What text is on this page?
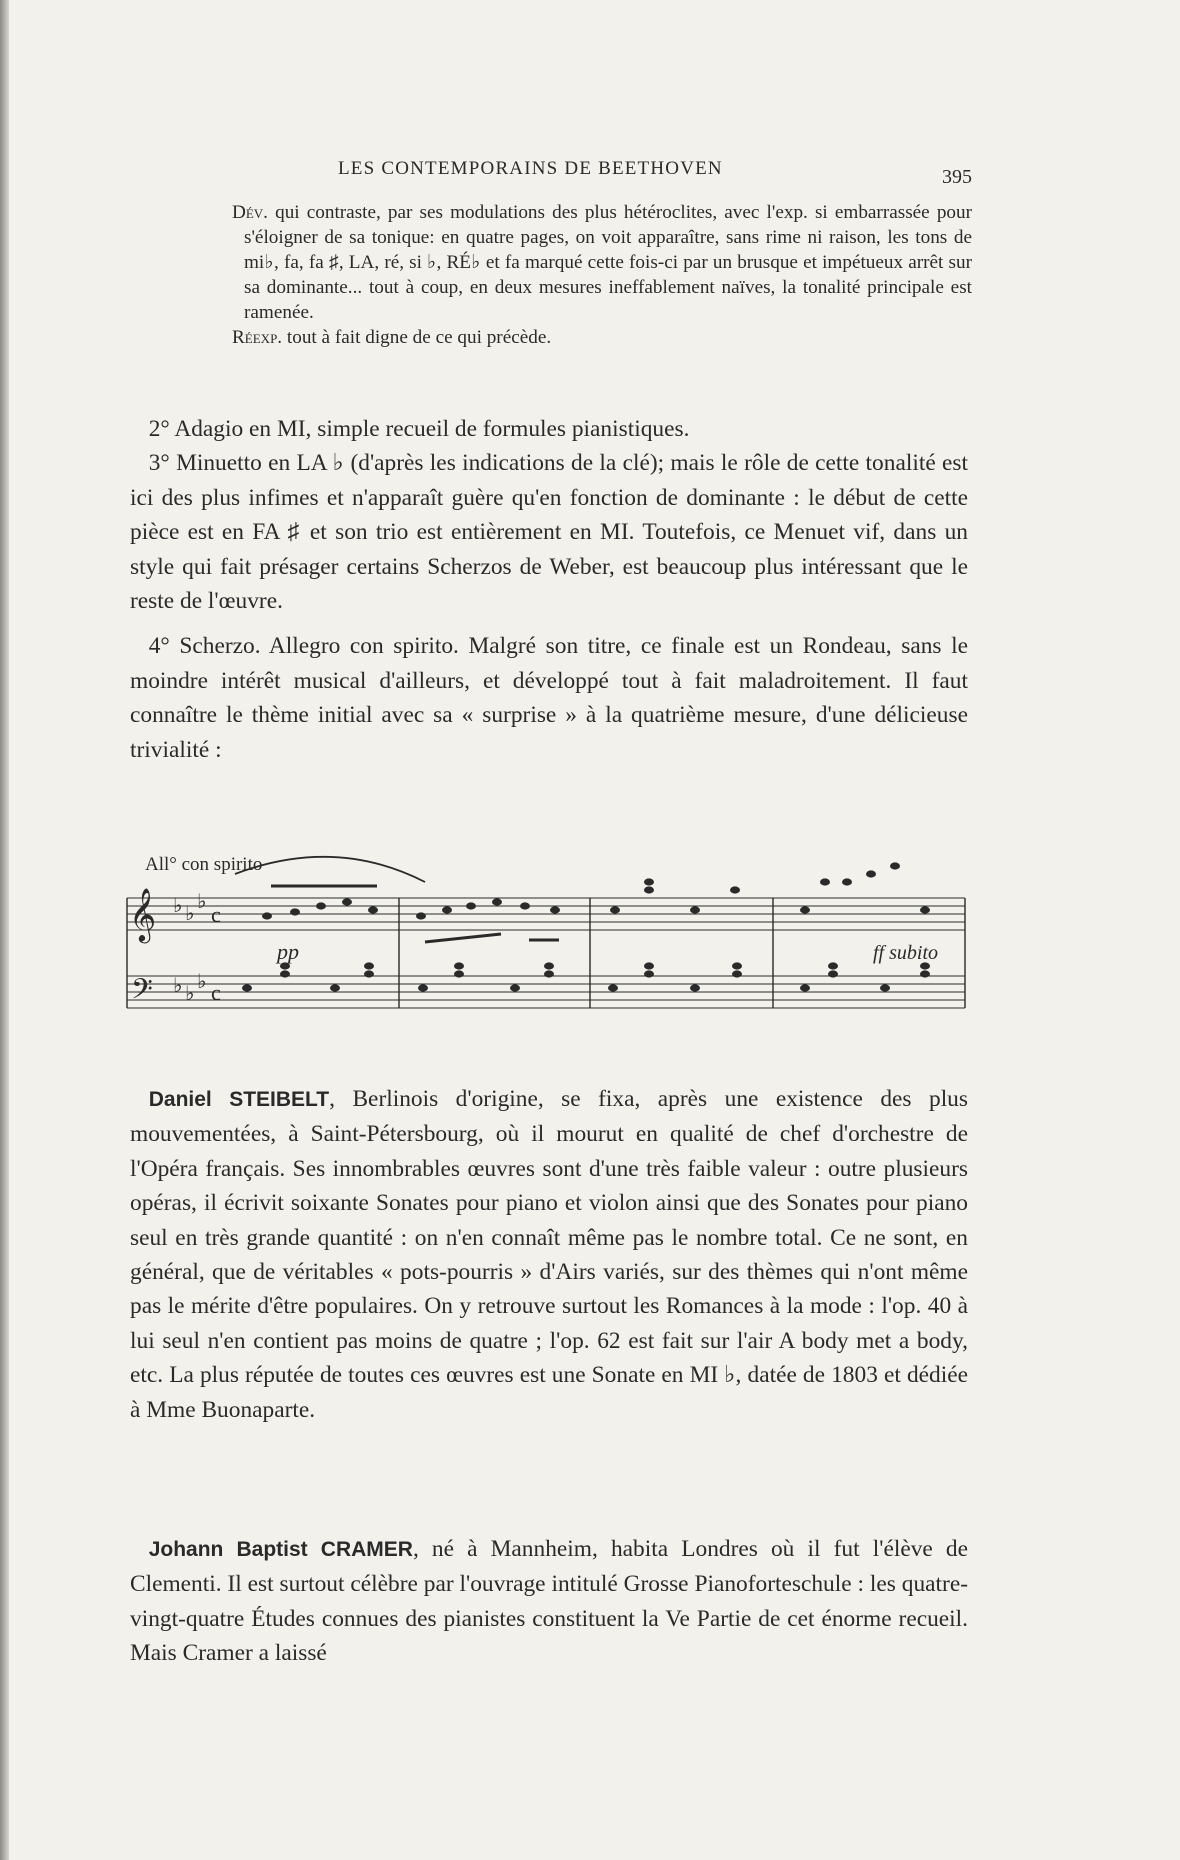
LES CONTEMPORAINS DE BEETHOVEN	395

Dév. qui contraste, par ses modulations des plus hétéroclites, avec l'exp. si embarrassée pour s'éloigner de sa tonique: en quatre pages, on voit apparaître, sans rime ni raison, les tons de mi♭, fa, fa ♯, LA, ré, si ♭, RÉ♭ et fa marqué cette fois-ci par un brusque et impétueux arrêt sur sa dominante... tout à coup, en deux mesures ineffablement naïves, la tonalité principale est ramenée.

Réexp. tout à fait digne de ce qui précède.

2° Adagio en MI, simple recueil de formules pianistiques.

3° Minuetto en LA ♭ (d'après les indications de la clé); mais le rôle de cette tonalité est ici des plus infimes et n'apparaît guère qu'en fonction de dominante : le début de cette pièce est en FA ♯ et son trio est entièrement en MI. Toutefois, ce Menuet vif, dans un style qui fait présager certains Scherzos de Weber, est beaucoup plus intéressant que le reste de l'œuvre.

4° Scherzo. Allegro con spirito. Malgré son titre, ce finale est un Rondeau, sans le moindre intérêt musical d'ailleurs, et développé tout à fait maladroitement. Il faut connaître le thème initial avec sa « surprise » à la quatrième mesure, d'une délicieuse trivialité :

All° con spirito
𝄞
𝄢
♭ ♭ ♭
♭ ♭ ♭
c
c
pp	ff subito

Daniel STEIBELT, Berlinois d'origine, se fixa, après une existence des plus mouvementées, à Saint-Pétersbourg, où il mourut en qualité de chef d'orchestre de l'Opéra français. Ses innombrables œuvres sont d'une très faible valeur : outre plusieurs opéras, il écrivit soixante Sonates pour piano et violon ainsi que des Sonates pour piano seul en très grande quantité : on n'en connaît même pas le nombre total. Ce ne sont, en général, que de véritables « pots-pourris » d'Airs variés, sur des thèmes qui n'ont même pas le mérite d'être populaires. On y retrouve surtout les Romances à la mode : l'op. 40 à lui seul n'en contient pas moins de quatre ; l'op. 62 est fait sur l'air A body met a body, etc. La plus réputée de toutes ces œuvres est une Sonate en MI ♭, datée de 1803 et dédiée à Mme Buonaparte.

Johann Baptist CRAMER, né à Mannheim, habita Londres où il fut l'élève de Clementi. Il est surtout célèbre par l'ouvrage intitulé Grosse Pianoforteschule : les quatre-vingt-quatre Études connues des pianistes constituent la Ve Partie de cet énorme recueil. Mais Cramer a laissé
